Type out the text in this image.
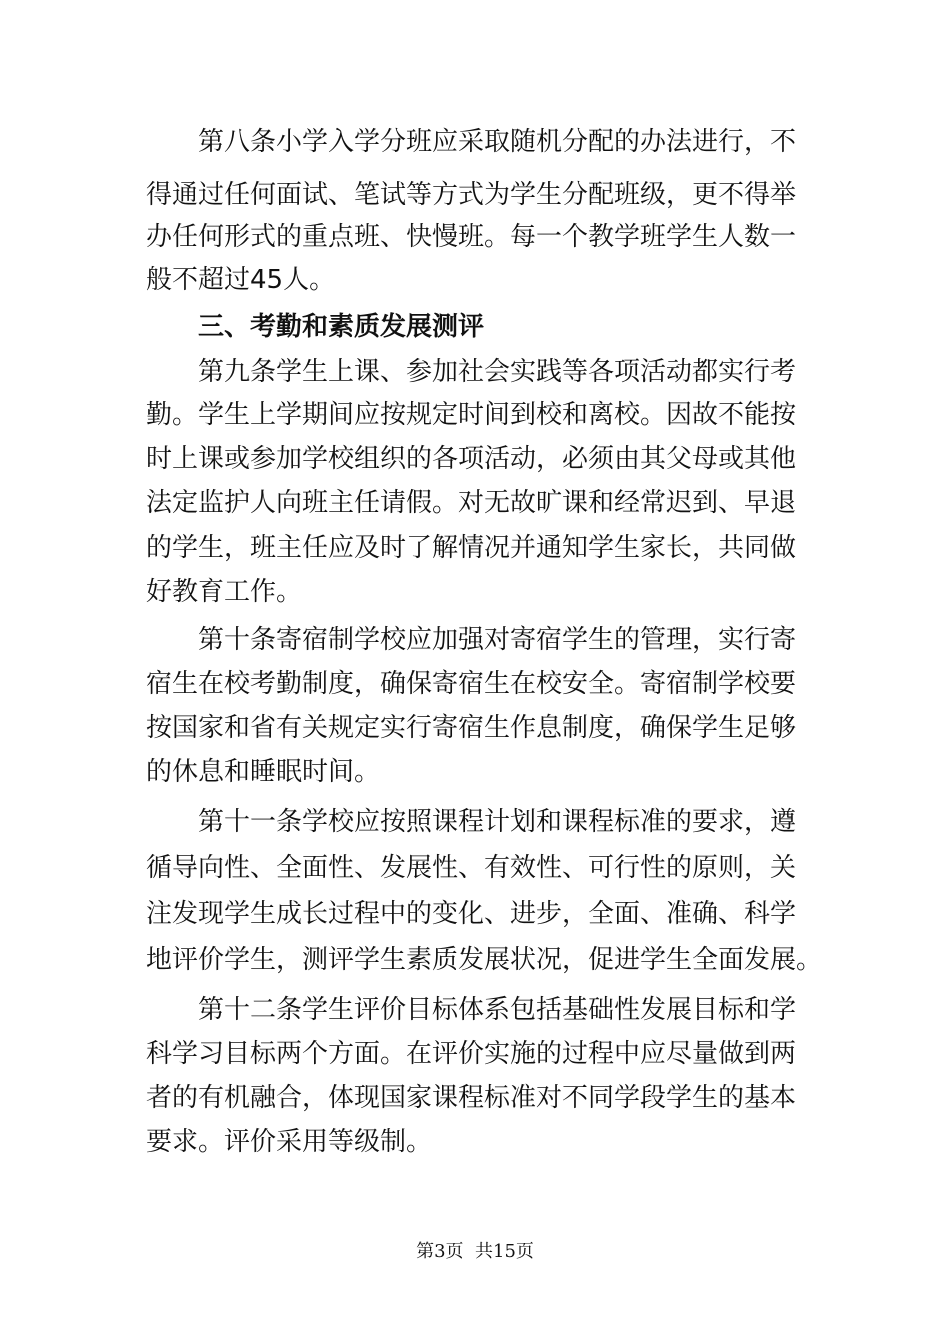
第八条小学入学分班应采取随机分配的办法进行，不
得通过任何面试、笔试等方式为学生分配班级，更不得举
办任何形式的重点班、快慢班。每一个教学班学生人数一
般不超过45人。
三、考勤和素质发展测评
第九条学生上课、参加社会实践等各项活动都实行考
勤。学生上学期间应按规定时间到校和离校。因故不能按
时上课或参加学校组织的各项活动，必须由其父母或其他
法定监护人向班主任请假。对无故旷课和经常迟到、早退
的学生，班主任应及时了解情况并通知学生家长，共同做
好教育工作。
第十条寄宿制学校应加强对寄宿学生的管理，实行寄
宿生在校考勤制度，确保寄宿生在校安全。寄宿制学校要
按国家和省有关规定实行寄宿生作息制度，确保学生足够
的休息和睡眠时间。
第十一条学校应按照课程计划和课程标准的要求，遵
循导向性、全面性、发展性、有效性、可行性的原则，关
注发现学生成长过程中的变化、进步，全面、准确、科学
地评价学生，测评学生素质发展状况，促进学生全面发展。
第十二条学生评价目标体系包括基础性发展目标和学
科学习目标两个方面。在评价实施的过程中应尽量做到两
者的有机融合，体现国家课程标准对不同学段学生的基本
要求。评价采用等级制。
第3页  共15页
